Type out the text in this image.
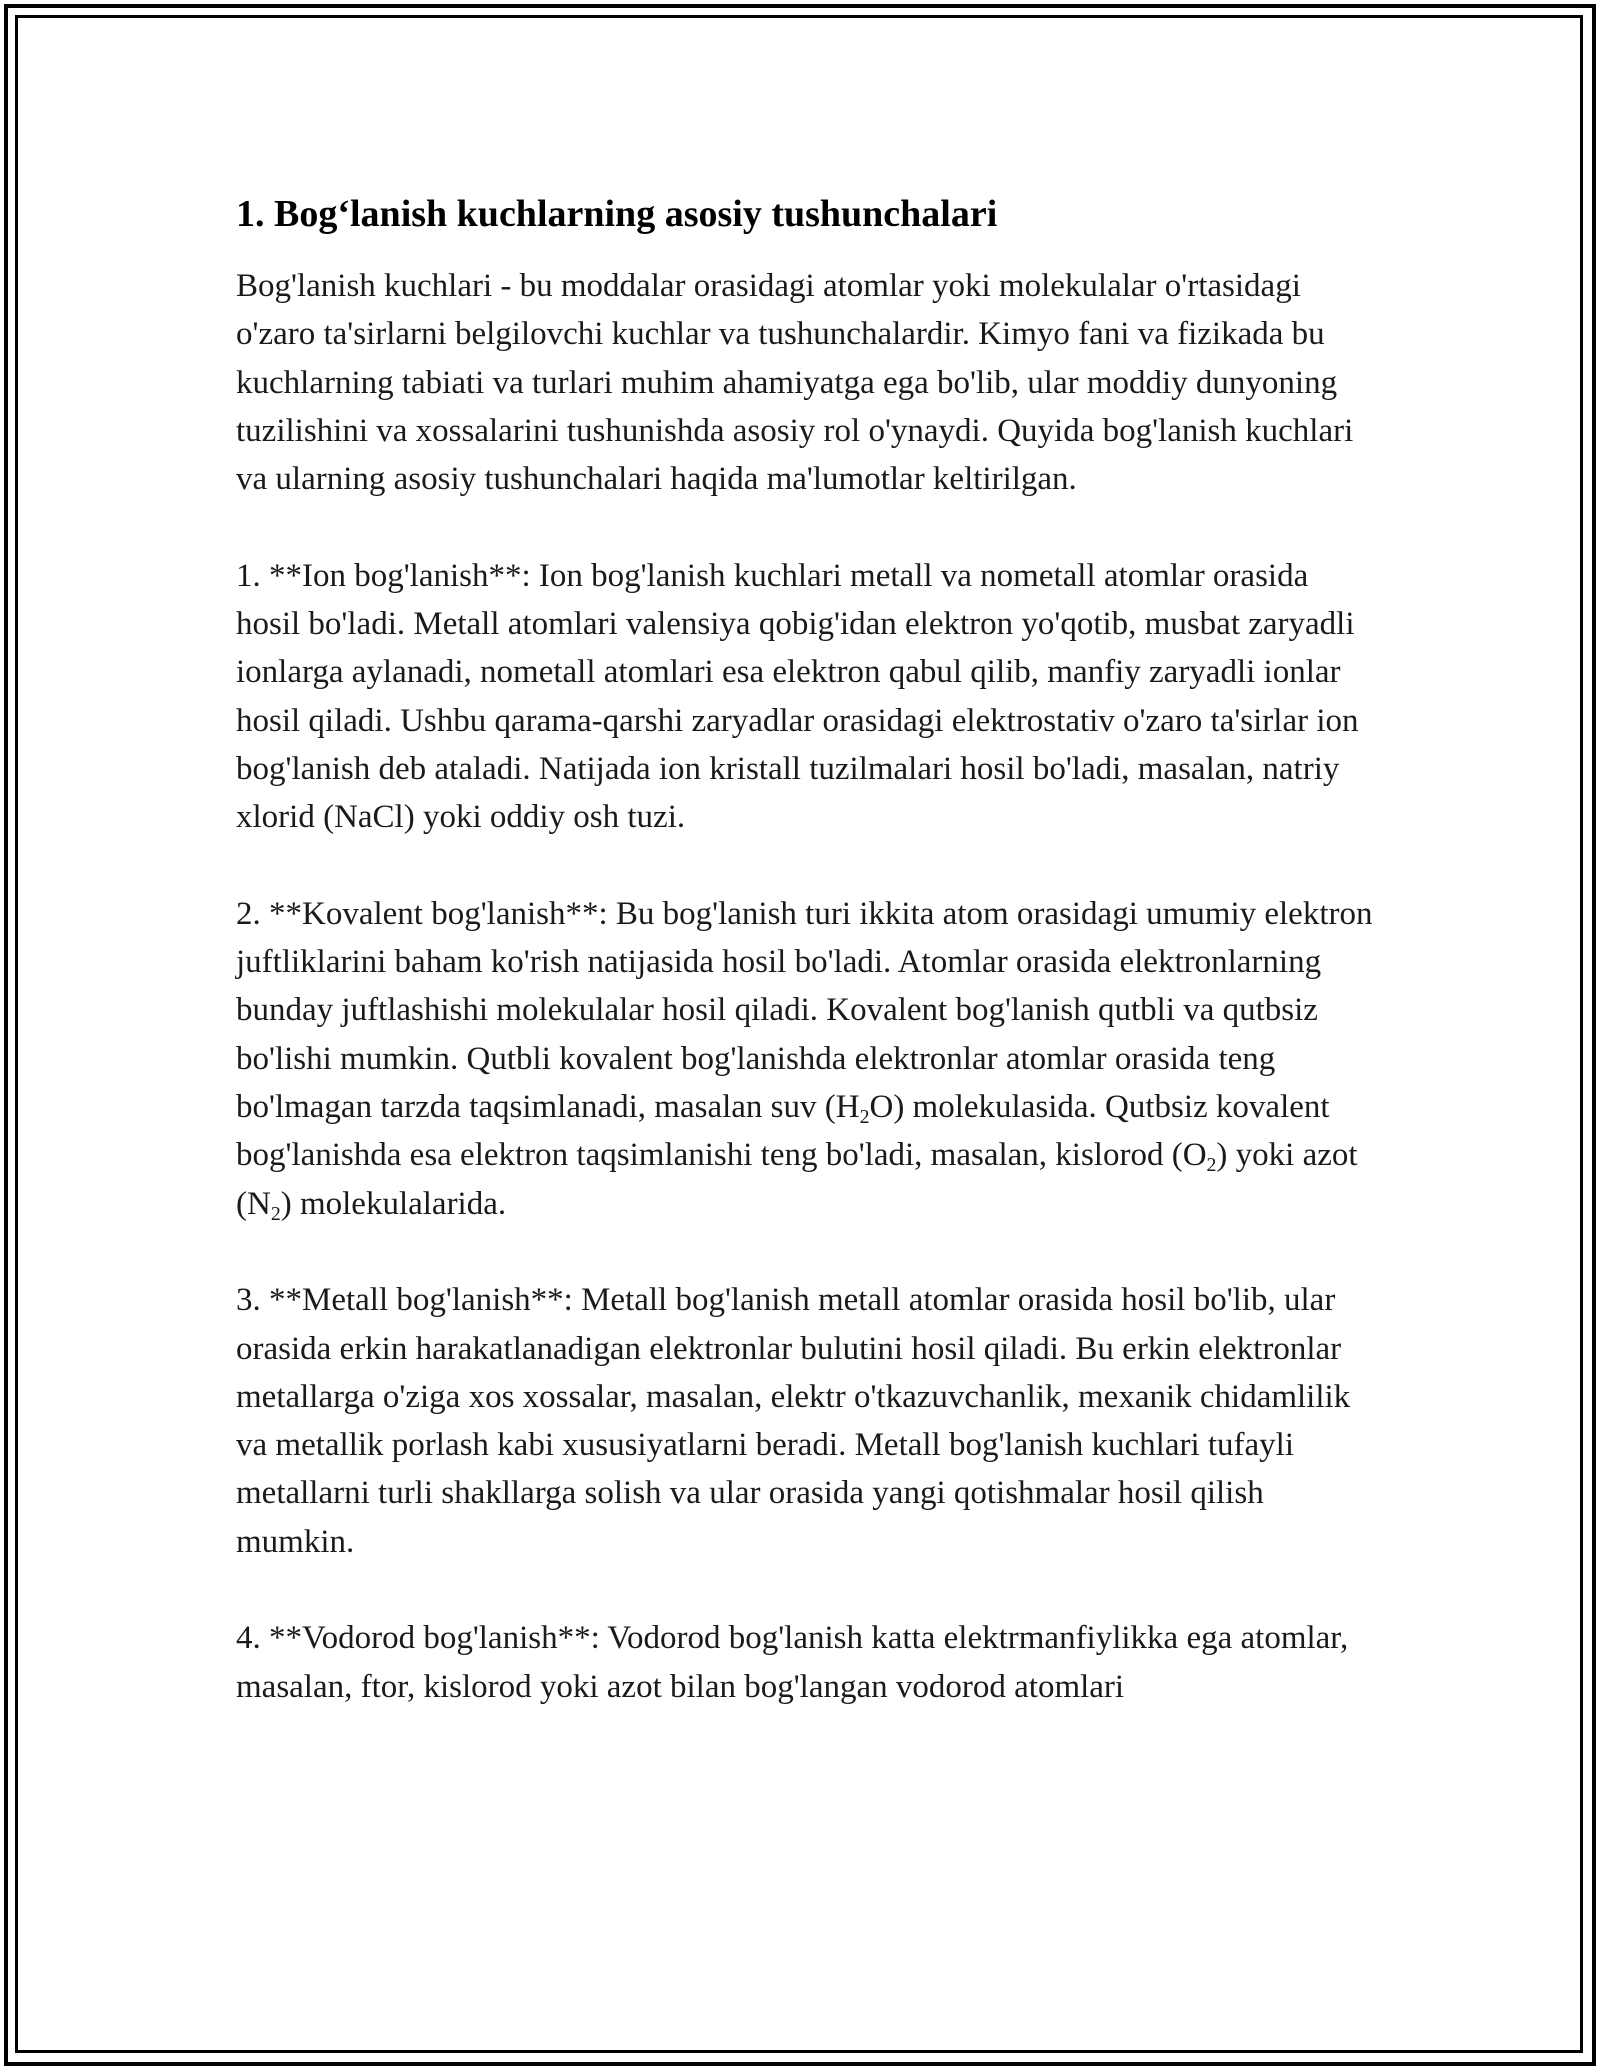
1. Bog‘lanish kuchlarning asosiy tushunchalari

Bog'lanish kuchlari - bu moddalar orasidagi atomlar yoki molekulalar o'rtasidagi o'zaro ta'sirlarni belgilovchi kuchlar va tushunchalardir. Kimyo fani va fizikada bu kuchlarning tabiati va turlari muhim ahamiyatga ega bo'lib, ular moddiy dunyoning tuzilishini va xossalarini tushunishda asosiy rol o'ynaydi. Quyida bog'lanish kuchlari va ularning asosiy tushunchalari haqida ma'lumotlar keltirilgan.

1. **Ion bog'lanish**: Ion bog'lanish kuchlari metall va nometall atomlar orasida hosil bo'ladi. Metall atomlari valensiya qobig'idan elektron yo'qotib, musbat zaryadli ionlarga aylanadi, nometall atomlari esa elektron qabul qilib, manfiy zaryadli ionlar hosil qiladi. Ushbu qarama-qarshi zaryadlar orasidagi elektrostativ o'zaro ta'sirlar ion bog'lanish deb ataladi. Natijada ion kristall tuzilmalari hosil bo'ladi, masalan, natriy xlorid (NaCl) yoki oddiy osh tuzi.

2. **Kovalent bog'lanish**: Bu bog'lanish turi ikkita atom orasidagi umumiy elektron juftliklarini baham ko'rish natijasida hosil bo'ladi. Atomlar orasida elektronlarning bunday juftlashishi molekulalar hosil qiladi. Kovalent bog'lanish qutbli va qutbsiz bo'lishi mumkin. Qutbli kovalent bog'lanishda elektronlar atomlar orasida teng bo'lmagan tarzda taqsimlanadi, masalan suv $(H_2O)$ molekulasida. Qutbsiz kovalent bog'lanishda esa elektron taqsimlanishi teng bo'ladi, masalan, kislorod $(O_2)$ yoki azot $(N_2)$ molekulalarida.

3. **Metall bog'lanish**: Metall bog'lanish metall atomlar orasida hosil bo'lib, ular orasida erkin harakatlanadigan elektronlar bulutini hosil qiladi. Bu erkin elektronlar metallarga o'ziga xos xossalar, masalan, elektr o'tkazuvchanlik, mexanik chidamlilik va metallik porlash kabi xususiyatlarni beradi. Metall bog'lanish kuchlari tufayli metallarni turli shakllarga solish va ular orasida yangi qotishmalar hosil qilish mumkin.

4. **Vodorod bog'lanish**: Vodorod bog'lanish katta elektrmanfiylikka ega atomlar, masalan, ftor, kislorod yoki azot bilan bog'langan vodorod atomlari
